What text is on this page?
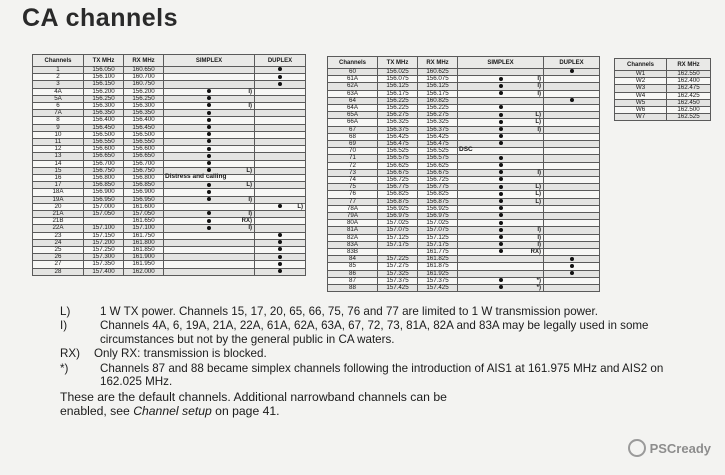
CA channels
Channels	TX MHz	RX MHz	SIMPLEX	DUPLEX
1	156.050	160.650		
2	156.100	160.700		
3	156.150	160.750		
4A	156.200	156.200	I)	

5A	156.250	156.250		
6	156.300	156.300	I)	

7A	156.350	156.350		
8	156.400	156.400		
9	156.450	156.450		
10	156.500	156.500		
11	156.550	156.550		
12	156.600	156.600		
13	156.650	156.650		
14	156.700	156.700		
15	156.750	156.750	L)	

16	156.800	156.800	Distress and calling	

17	156.850	156.850	L)	

18A	156.900	156.900		
19A	156.950	156.950	I)	

20	157.000	161.600		L)

21A	157.050	157.050	I)	

21B		161.650	RX)	

22A	157.100	157.100	I)	

23	157.150	161.750		
24	157.200	161.800		
25	157.250	161.850		
26	157.300	161.900		
27	157.350	161.950		
28	157.400	162.000		
Channels	TX MHz	RX MHz	SIMPLEX	DUPLEX
60	156.025	160.625		
61A	156.075	156.075	I)	

62A	156.125	156.125	I)	

63A	156.175	156.175	I)	

64	156.225	160.825		
64A	156.225	156.225		
65A	156.275	156.275	L)	

66A	156.325	156.325	L)	

67	156.375	156.375	I)	

68	156.425	156.425		
69	156.475	156.475		
70	156.525	156.525	DSC	

71	156.575	156.575		
72	156.625	156.625		
73	156.675	156.675	I)	

74	156.725	156.725		
75	156.775	156.775	L)	

76	156.825	156.825	L)	

77	156.875	156.875	L)	

78A	156.925	156.925		
79A	156.975	156.975		
80A	157.025	157.025		
81A	157.075	157.075	I)	

82A	157.125	157.125	I)	

83A	157.175	157.175	I)	

83B		161.775	RX)	

84	157.225	161.825		
85	157.275	161.875		
86	157.325	161.925		
87	157.375	157.375	*)	

88	157.425	157.425	*)	

Channels	RX MHz
W1	162.550
W2	162.400
W3	162.475
W4	162.425
W5	162.450
W6	162.500
W7	162.525
L)	1 W TX power. Channels 15, 17, 20, 65, 66, 75, 76 and 77 are limited to 1 W transmission power.
I)	Channels 4A, 6, 19A, 21A, 22A, 61A, 62A, 63A, 67, 72, 73, 81A, 82A and 83A may be legally used in some circumstances but not by the general public in CA waters.
RX)	Only RX: transmission is blocked.
*)	Channels 87 and 88 became simplex channels following the introduction of AIS1 at 161.975 MHz and AIS2 on 162.025 MHz.
These are the default channels. Additional narrowband channels can be
enabled, see Channel setup on page 41.
PSCready
